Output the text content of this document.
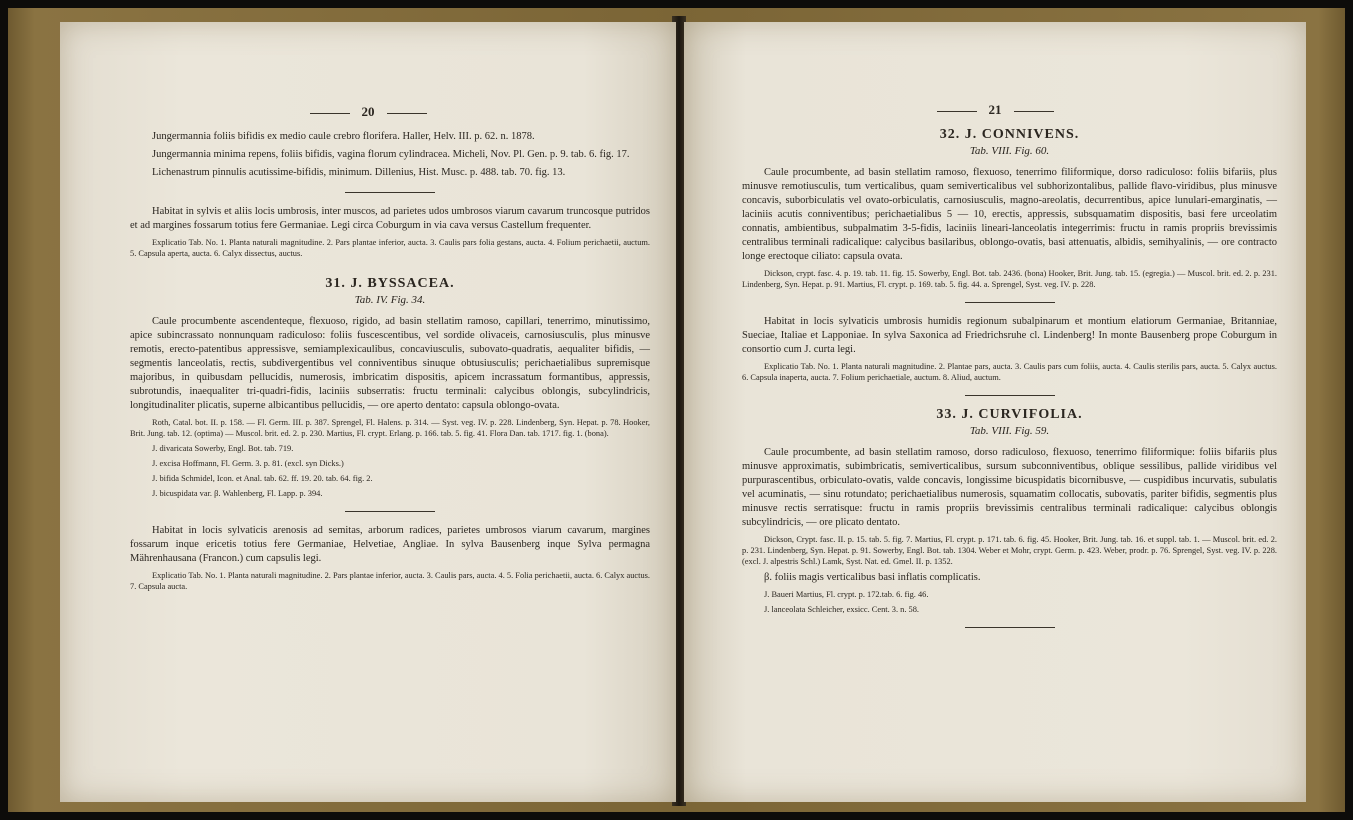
20

Jungermannia foliis bifidis ex medio caule crebro florifera. Haller, Helv. III. p. 62. n. 1878.

Jungermannia minima repens, foliis bifidis, vagina florum cylindracea. Micheli, Nov. Pl. Gen. p. 9. tab. 6. fig. 17.

Lichenastrum pinnulis acutissime-bifidis, minimum. Dillenius, Hist. Musc. p. 488. tab. 70. fig. 13.

Habitat in sylvis et aliis locis umbrosis, inter muscos, ad parietes udos umbrosos viarum cavarum truncosque putridos et ad margines fossarum totius fere Germaniae. Legi circa Coburgum in via cava versus Castellum frequenter.

Explicatio Tab. No. 1. Planta naturali magnitudine. 2. Pars plantae inferior, aucta. 3. Caulis pars folia gestans, aucta. 4. Folium perichaetii, auctum. 5. Capsula aperta, aucta. 6. Calyx dissectus, auctus.

31. J. BYSSACEA.
Tab. IV. Fig. 34.

Caule procumbente ascendenteque, flexuoso, rigido, ad basin stellatim ramoso, capillari, tenerrimo, minutissimo, apice subincrassato nonnunquam radiculoso: foliis fuscescentibus, vel sordide olivaceis, carnosiusculis, plus minusve remotis, erecto-patentibus appressisve, semiamplexicaulibus, concaviusculis, subovato-quadratis, aequaliter bifidis, — segmentis lanceolatis, rectis, subdivergentibus vel conniventibus sinuque obtusiusculis; perichaetialibus supremisque majoribus, in quibusdam pellucidis, numerosis, imbricatim dispositis, apicem incrassatum formantibus, appressis, subrotundis, inaequaliter tri-quadri-fidis, laciniis subserratis: fructu terminali: calycibus oblongis, subcylindricis, longitudinaliter plicatis, superne albicantibus pellucidis, — ore aperto dentato: capsula oblongo-ovata.

Roth, Catal. bot. II. p. 158. — Fl. Germ. III. p. 387. Sprengel, Fl. Halens. p. 314. — Syst. veg. IV. p. 228. Lindenberg, Syn. Hepat. p. 78. Hooker, Brit. Jung. tab. 12. (optima) — Muscol. brit. ed. 2. p. 230. Martius, Fl. crypt. Erlang. p. 166. tab. 5. fig. 41. Flora Dan. tab. 1717. fig. 1. (bona).

J. divaricata Sowerby, Engl. Bot. tab. 719.

J. excisa Hoffmann, Fl. Germ. 3. p. 81. (excl. syn Dicks.)

J. bifida Schmidel, Icon. et Anal. tab. 62. ff. 19. 20. tab. 64. fig. 2.

J. bicuspidata var. β. Wahlenberg, Fl. Lapp. p. 394.

Habitat in locis sylvaticis arenosis ad semitas, arborum radices, parietes umbrosos viarum cavarum, margines fossarum inque ericetis totius fere Germaniae, Helvetiae, Angliae. In sylva Bausenberg inque Sylva permagna Mährenhausana (Francon.) cum capsulis legi.

Explicatio Tab. No. 1. Planta naturali magnitudine. 2. Pars plantae inferior, aucta. 3. Caulis pars, aucta. 4. 5. Folia perichaetii, aucta. 6. Calyx auctus. 7. Capsula aucta.

21
32. J. CONNIVENS.
Tab. VIII. Fig. 60.

Caule procumbente, ad basin stellatim ramoso, flexuoso, tenerrimo filiformique, dorso radiculoso: foliis bifariis, plus minusve remotiusculis, tum verticalibus, quam semiverticalibus vel subhorizontalibus, pallide flavo-viridibus, plus minusve concavis, suborbiculatis vel ovato-orbiculatis, carnosiusculis, magno-areolatis, decurrentibus, apice lunulari-emarginatis, — laciniis acutis conniventibus; perichaetialibus 5 — 10, erectis, appressis, subsquamatim dispositis, basi fere urceolatim connatis, ambientibus, subpalmatim 3-5-fidis, laciniis lineari-lanceolatis integerrimis: fructu in ramis propriis brevissimis centralibus terminali radicalique: calycibus basilaribus, oblongo-ovatis, basi attenuatis, albidis, semihyalinis, — ore contracto longe erectoque ciliato: capsula ovata.

Dickson, crypt. fasc. 4. p. 19. tab. 11. fig. 15. Sowerby, Engl. Bot. tab. 2436. (bona) Hooker, Brit. Jung. tab. 15. (egregia.) — Muscol. brit. ed. 2. p. 231. Lindenberg, Syn. Hepat. p. 91. Martius, Fl. crypt. p. 169. tab. 5. fig. 44. a. Sprengel, Syst. veg. IV. p. 228.

Habitat in locis sylvaticis umbrosis humidis regionum subalpinarum et montium elatiorum Germaniae, Britanniae, Sueciae, Italiae et Lapponiae. In sylva Saxonica ad Friedrichsruhe cl. Lindenberg! In monte Bausenberg prope Coburgum in consortio cum J. curta legi.

Explicatio Tab. No. 1. Planta naturali magnitudine. 2. Plantae pars, aucta. 3. Caulis pars cum foliis, aucta. 4. Caulis sterilis pars, aucta. 5. Calyx auctus. 6. Capsula inaperta, aucta. 7. Folium perichaetiale, auctum. 8. Aliud, auctum.

33. J. CURVIFOLIA.
Tab. VIII. Fig. 59.

Caule procumbente, ad basin stellatim ramoso, dorso radiculoso, flexuoso, tenerrimo filiformique: foliis bifariis plus minusve approximatis, subimbricatis, semiverticalibus, sursum subconniventibus, oblique sessilibus, pallide viridibus vel purpurascentibus, orbiculato-ovatis, valde concavis, longissime bicuspidatis bicornibusve, — cuspidibus incurvatis, subulatis vel acuminatis, — sinu rotundato; perichaetialibus numerosis, squamatim collocatis, subovatis, pariter bifidis, segmentis plus minusve rectis serratisque: fructu in ramis propriis brevissimis centralibus terminali radicalique: calycibus oblongis subcylindricis, — ore plicato dentato.

Dickson, Crypt. fasc. II. p. 15. tab. 5. fig. 7. Martius, Fl. crypt. p. 171. tab. 6. fig. 45. Hooker, Brit. Jung. tab. 16. et suppl. tab. 1. — Muscol. brit. ed. 2. p. 231. Lindenberg, Syn. Hepat. p. 91. Sowerby, Engl. Bot. tab. 1304. Weber et Mohr, crypt. Germ. p. 423. Weber, prodr. p. 76. Sprengel, Syst. veg. IV. p. 228. (excl. J. alpestris Schl.) Lamk, Syst. Nat. ed. Gmel. II. p. 1352.

β. foliis magis verticalibus basi inflatis complicatis.

J. Baueri Martius, Fl. crypt. p. 172.tab. 6. fig. 46.

J. lanceolata Schleicher, exsicc. Cent. 3. n. 58.
